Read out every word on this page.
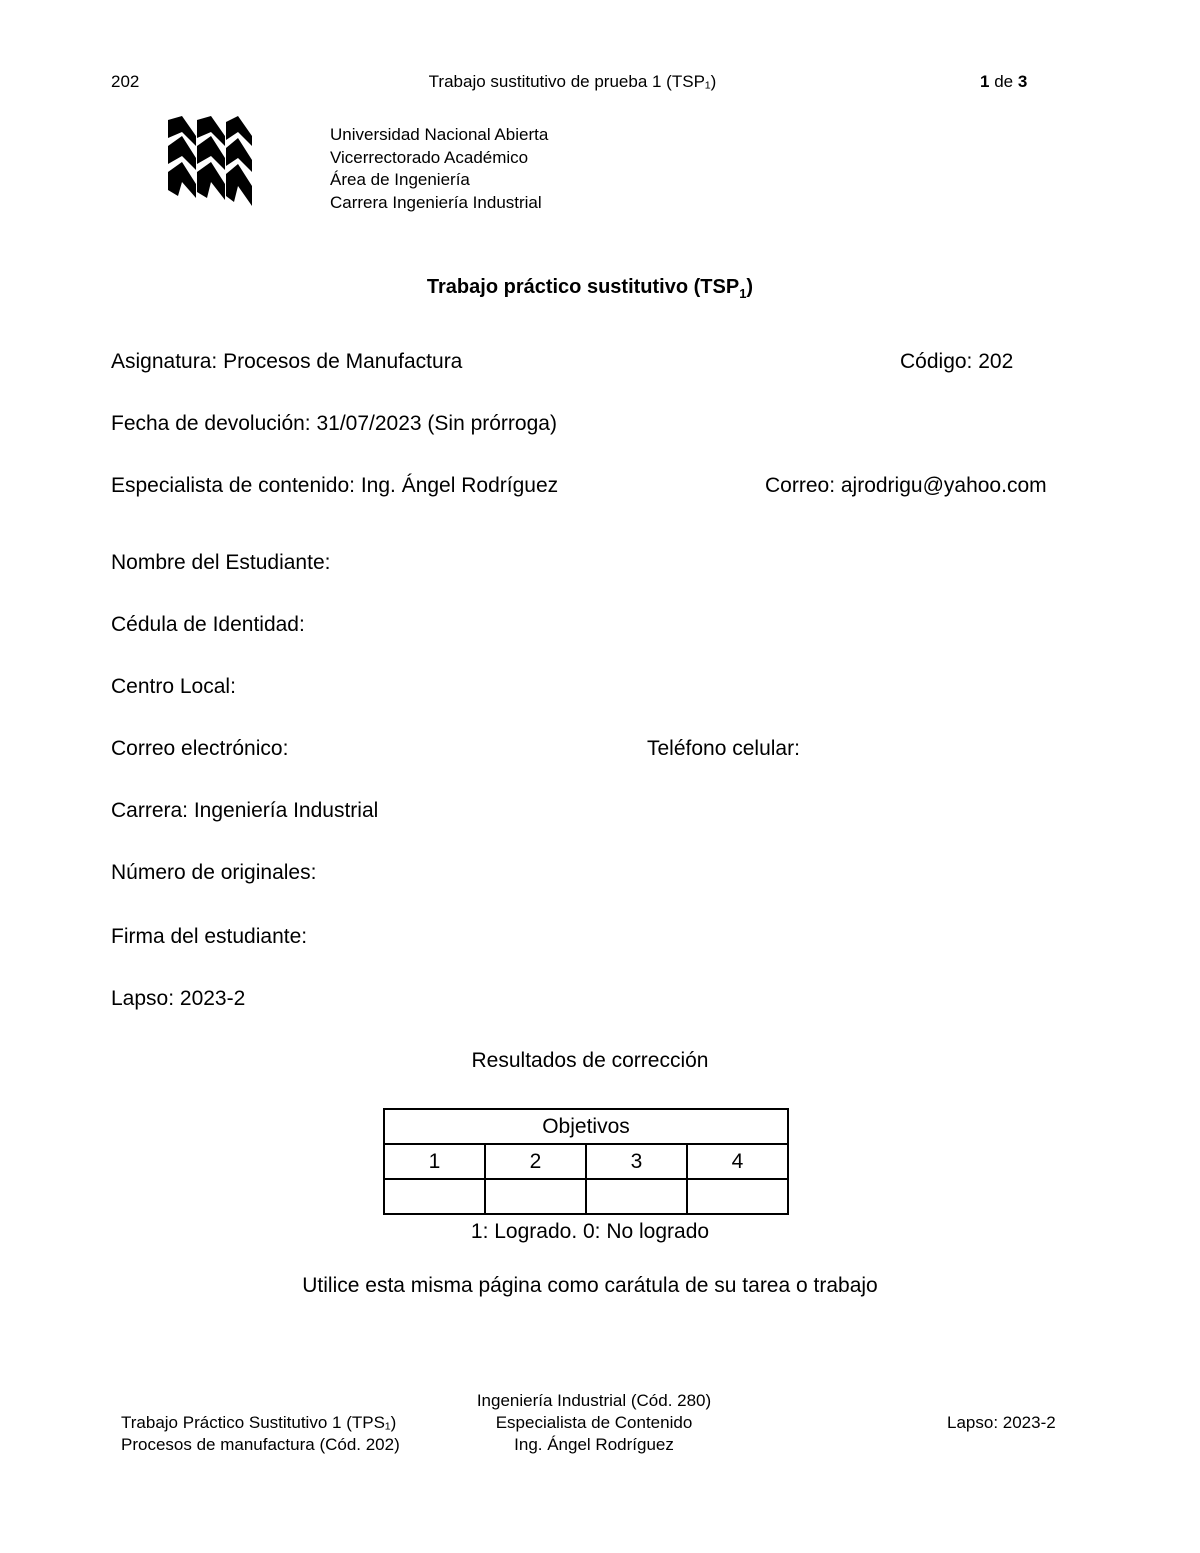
202	Trabajo sustitutivo de prueba 1 (TSP₁)	1 de 3
Universidad Nacional Abierta
Vicerrectorado Académico
Área de Ingeniería
Carrera Ingeniería Industrial
Trabajo práctico sustitutivo $(TSP_1)$
Asignatura: Procesos de Manufactura	Código: 202
Fecha de devolución: 31/07/2023 (Sin prórroga)
Especialista de contenido: Ing. Ángel Rodríguez	Correo: ajrodrigu@yahoo.com
Nombre del Estudiante:
Cédula de Identidad:
Centro Local:
Correo electrónico:	Teléfono celular:
Carrera: Ingeniería Industrial
Número de originales:
Firma del estudiante:
Lapso: 2023-2
Resultados de corrección
Objetivos			
1	2	3	4

1: Logrado. 0: No logrado
Utilice esta misma página como carátula de su tarea o trabajo
Trabajo Práctico Sustitutivo 1 (TPS₁)
Procesos de manufactura (Cód. 202)
Ingeniería Industrial (Cód. 280)
Especialista de Contenido
Ing. Ángel Rodríguez
Lapso: 2023-2
